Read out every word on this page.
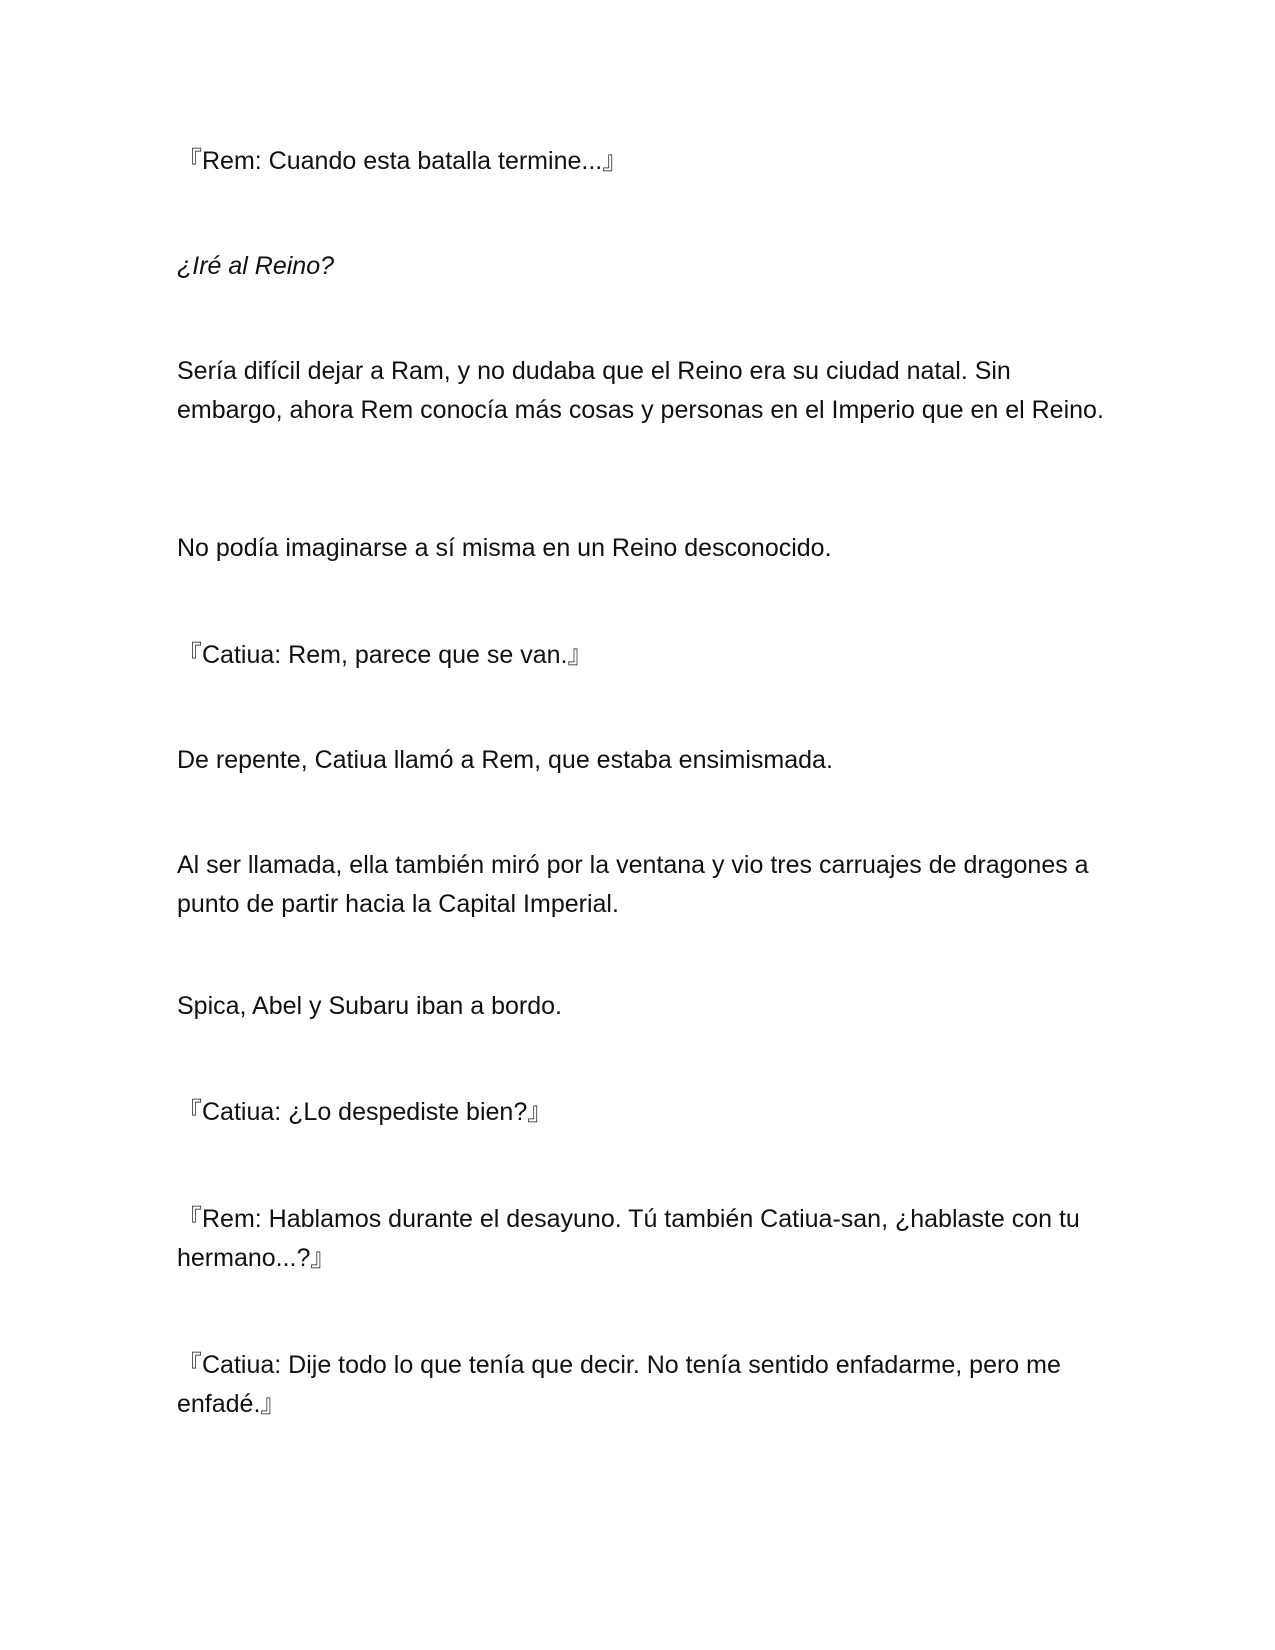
『Rem: Cuando esta batalla termine...』

¿Iré al Reino?

Sería difícil dejar a Ram, y no dudaba que el Reino era su ciudad natal. Sin embargo, ahora Rem conocía más cosas y personas en el Imperio que en el Reino.

No podía imaginarse a sí misma en un Reino desconocido.

『Catiua: Rem, parece que se van.』

De repente, Catiua llamó a Rem, que estaba ensimismada.

Al ser llamada, ella también miró por la ventana y vio tres carruajes de dragones a punto de partir hacia la Capital Imperial.

Spica, Abel y Subaru iban a bordo.

『Catiua: ¿Lo despediste bien?』

『Rem: Hablamos durante el desayuno. Tú también Catiua-san, ¿hablaste con tu hermano...?』

『Catiua: Dije todo lo que tenía que decir. No tenía sentido enfadarme, pero me enfadé.』
